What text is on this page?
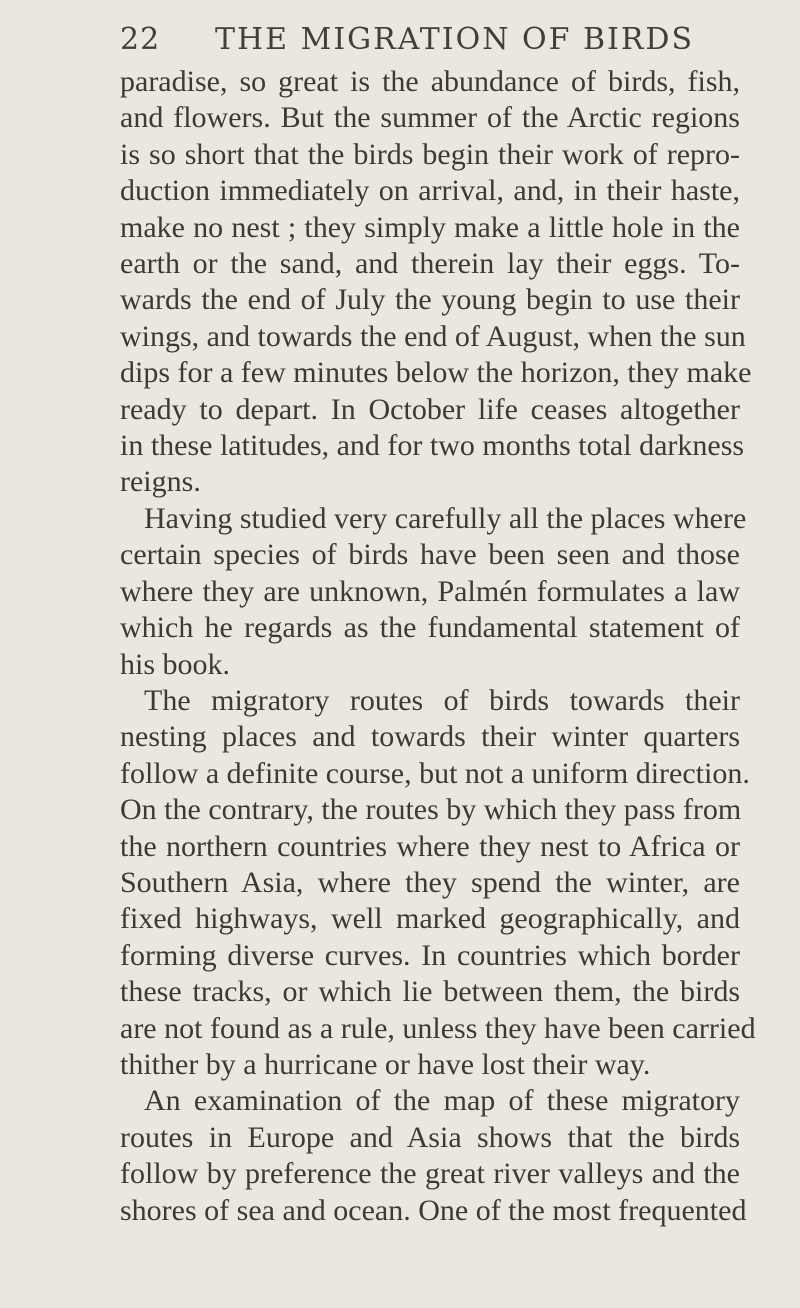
22 THE MIGRATION OF BIRDS
paradise, so great is the abundance of birds, fish,
and flowers. But the summer of the Arctic regions
is so short that the birds begin their work of repro-
duction immediately on arrival, and, in their haste,
make no nest ; they simply make a little hole in the
earth or the sand, and therein lay their eggs. To-
wards the end of July the young begin to use their
wings, and towards the end of August, when the sun
dips for a few minutes below the horizon, they make
ready to depart. In October life ceases altogether
in these latitudes, and for two months total darkness
reigns.
Having studied very carefully all the places where
certain species of birds have been seen and those
where they are unknown, Palmén formulates a law
which he regards as the fundamental statement of
his book.
The migratory routes of birds towards their
nesting places and towards their winter quarters
follow a definite course, but not a uniform direction.
On the contrary, the routes by which they pass from
the northern countries where they nest to Africa or
Southern Asia, where they spend the winter, are
fixed highways, well marked geographically, and
forming diverse curves. In countries which border
these tracks, or which lie between them, the birds
are not found as a rule, unless they have been carried
thither by a hurricane or have lost their way.
An examination of the map of these migratory
routes in Europe and Asia shows that the birds
follow by preference the great river valleys and the
shores of sea and ocean. One of the most frequented
